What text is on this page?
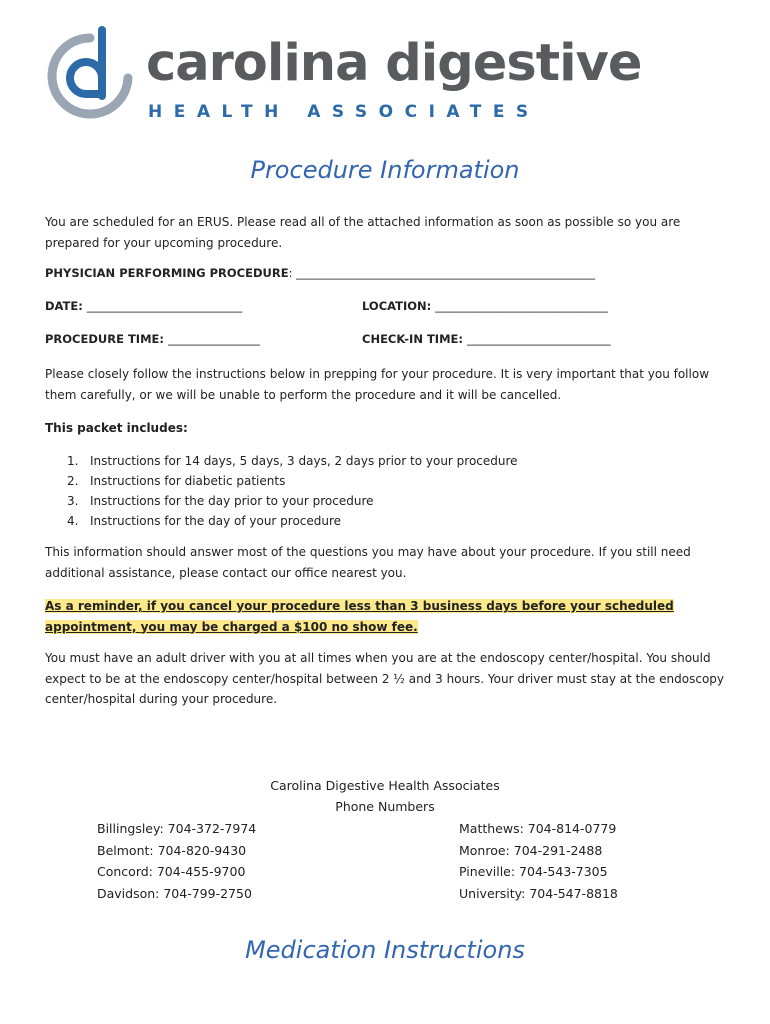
carolina digestive
HEALTH ASSOCIATES
Procedure Information
You are scheduled for an ERUS. Please read all of the attached information as soon as possible so you are prepared for your upcoming procedure.
PHYSICIAN PERFORMING PROCEDURE: ____________________________________________________
DATE: ___________________________	LOCATION: ______________________________
PROCEDURE TIME: ________________	CHECK-IN TIME: _________________________
Please closely follow the instructions below in prepping for your procedure. It is very important that you follow them carefully, or we will be unable to perform the procedure and it will be cancelled.
This packet includes:
1. Instructions for 14 days, 5 days, 3 days, 2 days prior to your procedure
2. Instructions for diabetic patients
3. Instructions for the day prior to your procedure
4. Instructions for the day of your procedure
This information should answer most of the questions you may have about your procedure. If you still need additional assistance, please contact our office nearest you.
As a reminder, if you cancel your procedure less than 3 business days before your scheduled appointment, you may be charged a $100 no show fee.
You must have an adult driver with you at all times when you are at the endoscopy center/hospital. You should expect to be at the endoscopy center/hospital between 2 ½ and 3 hours. Your driver must stay at the endoscopy center/hospital during your procedure.
Carolina Digestive Health Associates
Phone Numbers
Billingsley: 704-372-7974
Belmont: 704-820-9430
Concord: 704-455-9700
Davidson: 704-799-2750
Matthews: 704-814-0779
Monroe: 704-291-2488
Pineville: 704-543-7305
University: 704-547-8818
Medication Instructions
